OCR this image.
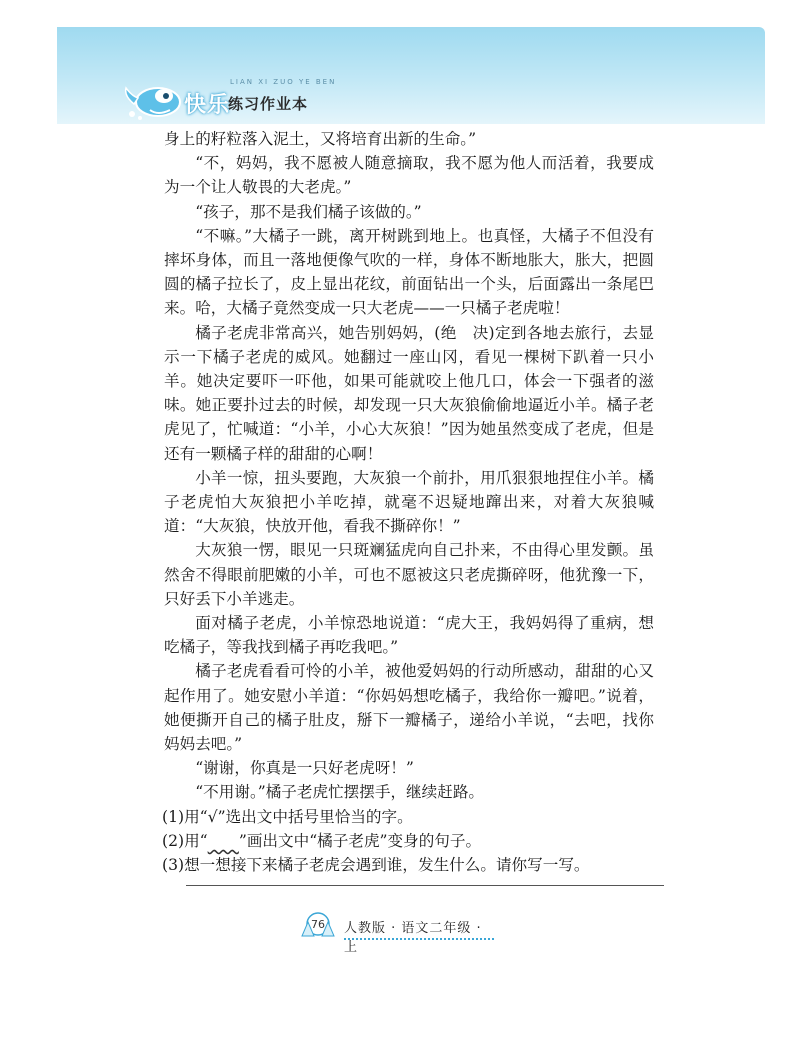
快乐
LIAN XI ZUO YE BEN
练习作业本

身上的籽粒落入泥土，又将培育出新的生命。”

“不，妈妈，我不愿被人随意摘取，我不愿为他人而活着，我要成为一个让人敬畏的大老虎。”

“孩子，那不是我们橘子该做的。”

“不嘛。”大橘子一跳，离开树跳到地上。也真怪，大橘子不但没有摔坏身体，而且一落地便像气吹的一样，身体不断地胀大，胀大，把圆圆的橘子拉长了，皮上显出花纹，前面钻出一个头，后面露出一条尾巴来。哈，大橘子竟然变成一只大老虎——一只橘子老虎啦！

橘子老虎非常高兴，她告别妈妈，(绝　决)定到各地去旅行，去显示一下橘子老虎的威风。她翻过一座山冈，看见一棵树下趴着一只小羊。她决定要吓一吓他，如果可能就咬上他几口，体会一下强者的滋味。她正要扑过去的时候，却发现一只大灰狼偷偷地逼近小羊。橘子老虎见了，忙喊道：“小羊，小心大灰狼！”因为她虽然变成了老虎，但是还有一颗橘子样的甜甜的心啊！

小羊一惊，扭头要跑，大灰狼一个前扑，用爪狠狠地捏住小羊。橘子老虎怕大灰狼把小羊吃掉，就毫不迟疑地蹿出来，对着大灰狼喊道：“大灰狼，快放开他，看我不撕碎你！”

大灰狼一愣，眼见一只斑斓猛虎向自己扑来，不由得心里发颤。虽然舍不得眼前肥嫩的小羊，可也不愿被这只老虎撕碎呀，他犹豫一下，只好丢下小羊逃走。

面对橘子老虎，小羊惊恐地说道：“虎大王，我妈妈得了重病，想吃橘子，等我找到橘子再吃我吧。”

橘子老虎看看可怜的小羊，被他爱妈妈的行动所感动，甜甜的心又起作用了。她安慰小羊道：“你妈妈想吃橘子，我给你一瓣吧。”说着，她便撕开自己的橘子肚皮，掰下一瓣橘子，递给小羊说，“去吧，找你妈妈去吧。”

“谢谢，你真是一只好老虎呀！”

“不用谢。”橘子老虎忙摆摆手，继续赶路。

(1)用“√”选出文中括号里恰当的字。

(2)用“　　 ”画出文中“橘子老虎”变身的句子。

(3)想一想接下来橘子老虎会遇到谁，发生什么。请你写一写。

76	人教版 · 语文二年级 · 上
